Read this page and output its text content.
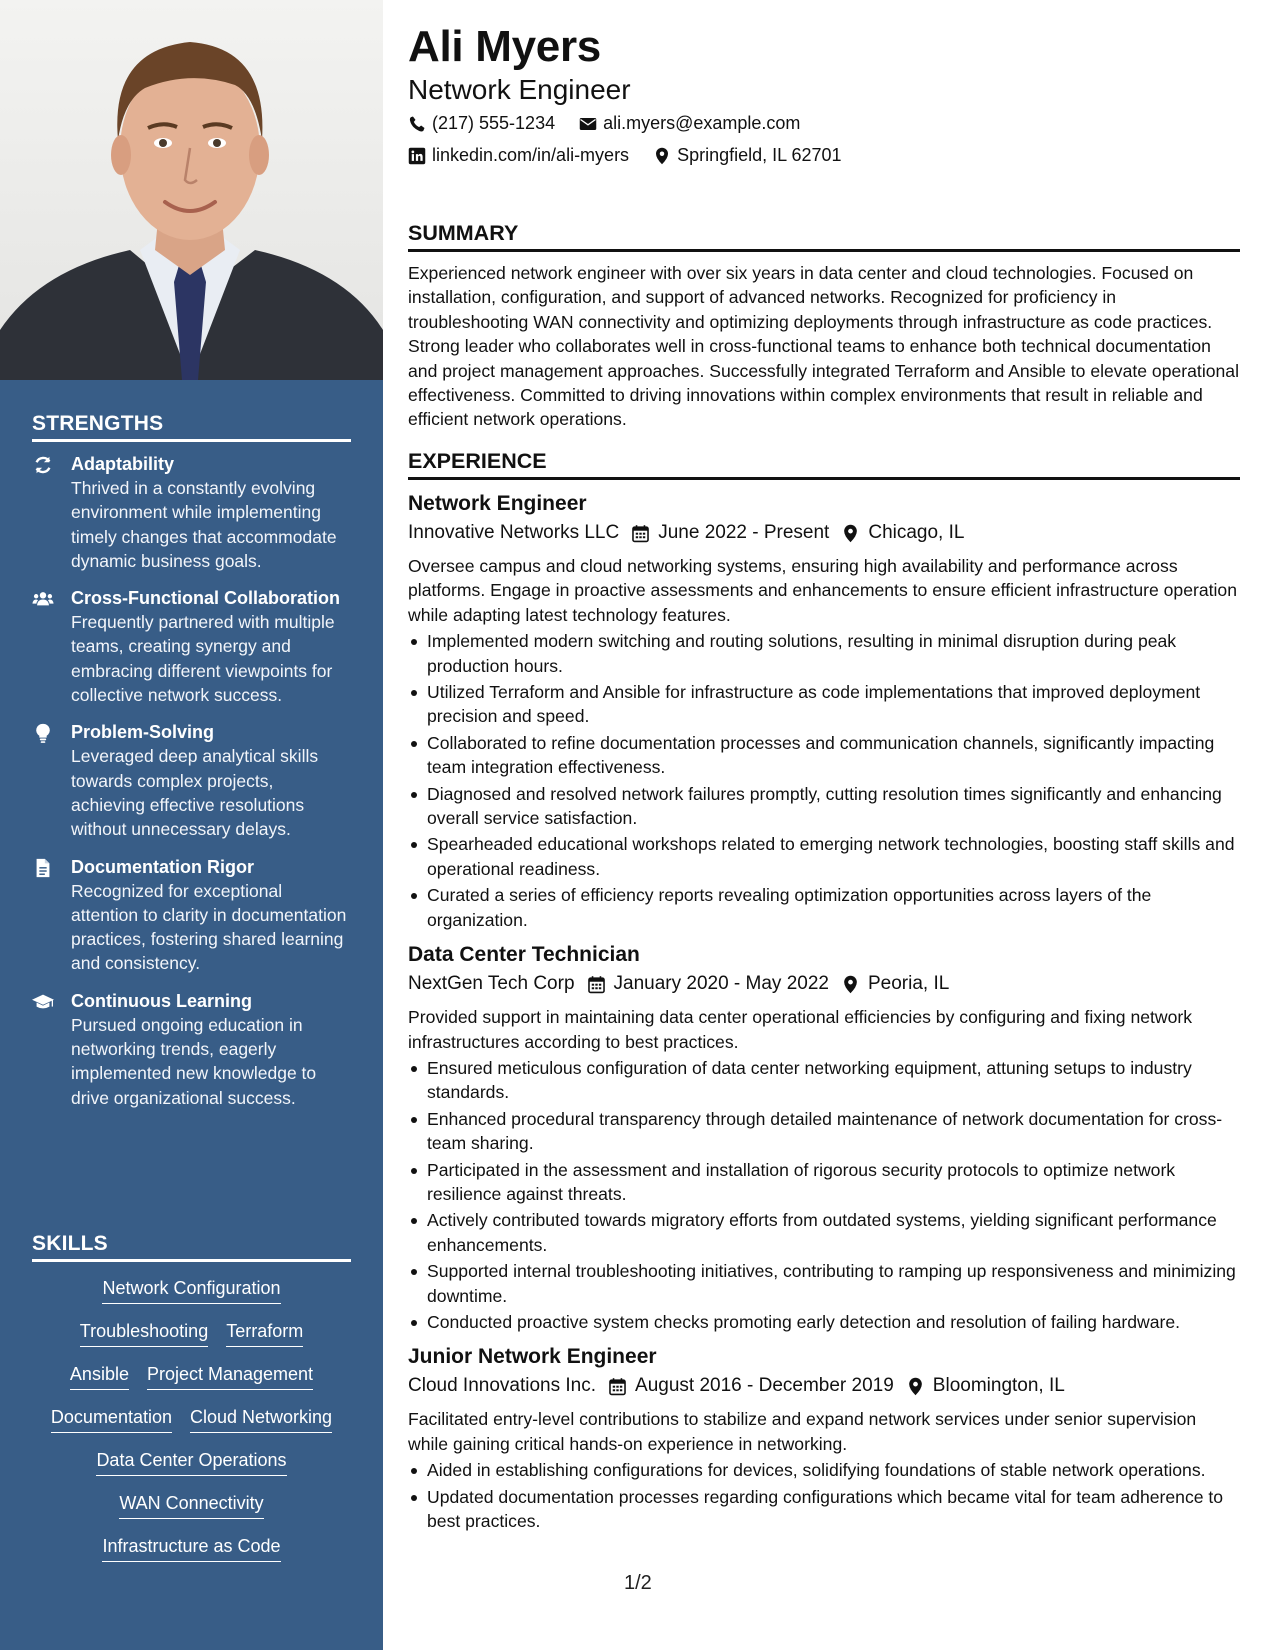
STRENGTHS
Adaptability
Thrived in a constantly evolving environment while implementing timely changes that accommodate dynamic business goals.
Cross-Functional Collaboration
Frequently partnered with multiple teams, creating synergy and embracing different viewpoints for collective network success.
Problem-Solving
Leveraged deep analytical skills towards complex projects, achieving effective resolutions without unnecessary delays.
Documentation Rigor
Recognized for exceptional attention to clarity in documentation practices, fostering shared learning and consistency.
Continuous Learning
Pursued ongoing education in networking trends, eagerly implemented new knowledge to drive organizational success.
SKILLS
Network Configuration
Troubleshooting Terraform
Ansible Project Management
Documentation Cloud Networking
Data Center Operations
WAN Connectivity
Infrastructure as Code
Ali Myers
Network Engineer
(217) 555-1234	ali.myers@example.com
linkedin.com/in/ali-myers	Springfield, IL 62701
SUMMARY
Experienced network engineer with over six years in data center and cloud technologies. Focused on installation, configuration, and support of advanced networks. Recognized for proficiency in troubleshooting WAN connectivity and optimizing deployments through infrastructure as code practices. Strong leader who collaborates well in cross-functional teams to enhance both technical documentation and project management approaches. Successfully integrated Terraform and Ansible to elevate operational effectiveness. Committed to driving innovations within complex environments that result in reliable and efficient network operations.
EXPERIENCE
Network Engineer
Innovative Networks LLC June 2022 - Present Chicago, IL
Oversee campus and cloud networking systems, ensuring high availability and performance across platforms. Engage in proactive assessments and enhancements to ensure efficient infrastructure operation while adapting latest technology features.
Implemented modern switching and routing solutions, resulting in minimal disruption during peak production hours.
Utilized Terraform and Ansible for infrastructure as code implementations that improved deployment precision and speed.
Collaborated to refine documentation processes and communication channels, significantly impacting team integration effectiveness.
Diagnosed and resolved network failures promptly, cutting resolution times significantly and enhancing overall service satisfaction.
Spearheaded educational workshops related to emerging network technologies, boosting staff skills and operational readiness.
Curated a series of efficiency reports revealing optimization opportunities across layers of the organization.
Data Center Technician
NextGen Tech Corp January 2020 - May 2022 Peoria, IL
Provided support in maintaining data center operational efficiencies by configuring and fixing network infrastructures according to best practices.
Ensured meticulous configuration of data center networking equipment, attuning setups to industry standards.
Enhanced procedural transparency through detailed maintenance of network documentation for cross-team sharing.
Participated in the assessment and installation of rigorous security protocols to optimize network resilience against threats.
Actively contributed towards migratory efforts from outdated systems, yielding significant performance enhancements.
Supported internal troubleshooting initiatives, contributing to ramping up responsiveness and minimizing downtime.
Conducted proactive system checks promoting early detection and resolution of failing hardware.
Junior Network Engineer
Cloud Innovations Inc. August 2016 - December 2019 Bloomington, IL
Facilitated entry-level contributions to stabilize and expand network services under senior supervision while gaining critical hands-on experience in networking.
Aided in establishing configurations for devices, solidifying foundations of stable network operations.
Updated documentation processes regarding configurations which became vital for team adherence to best practices.
1/2
